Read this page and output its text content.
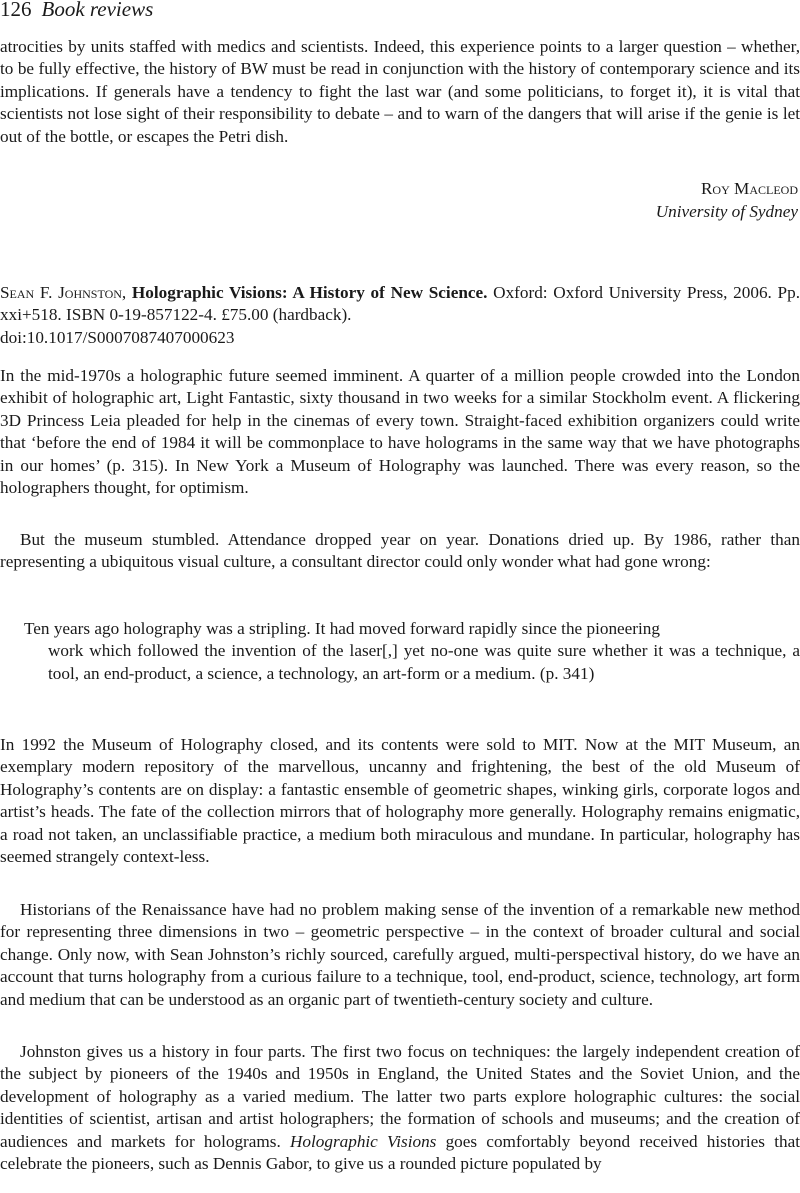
126 Book reviews

atrocities by units staffed with medics and scientists. Indeed, this experience points to a larger question – whether, to be fully effective, the history of BW must be read in conjunction with the history of contemporary science and its implications. If generals have a tendency to fight the last war (and some politicians, to forget it), it is vital that scientists not lose sight of their responsibility to debate – and to warn of the dangers that will arise if the genie is let out of the bottle, or escapes the Petri dish.

Roy Macleod
University of Sydney

Sean F. Johnston, Holographic Visions: A History of New Science. Oxford: Oxford University Press, 2006. Pp. xxi+518. ISBN 0-19-857122-4. £75.00 (hardback).

doi:10.1017/S0007087407000623

In the mid-1970s a holographic future seemed imminent. A quarter of a million people crowded into the London exhibit of holographic art, Light Fantastic, sixty thousand in two weeks for a similar Stockholm event. A flickering 3D Princess Leia pleaded for help in the cinemas of every town. Straight-faced exhibition organizers could write that ‘before the end of 1984 it will be commonplace to have holograms in the same way that we have photographs in our homes’ (p. 315). In New York a Museum of Holography was launched. There was every reason, so the holographers thought, for optimism.

But the museum stumbled. Attendance dropped year on year. Donations dried up. By 1986, rather than representing a ubiquitous visual culture, a consultant director could only wonder what had gone wrong:

Ten years ago holography was a stripling. It had moved forward rapidly since the pioneering
work which followed the invention of the laser[,] yet no-one was quite sure whether it was a technique, a tool, an end-product, a science, a technology, an art-form or a medium. (p. 341)

In 1992 the Museum of Holography closed, and its contents were sold to MIT. Now at the MIT Museum, an exemplary modern repository of the marvellous, uncanny and frightening, the best of the old Museum of Holography’s contents are on display: a fantastic ensemble of geometric shapes, winking girls, corporate logos and artist’s heads. The fate of the collection mirrors that of holography more generally. Holography remains enigmatic, a road not taken, an unclassifiable practice, a medium both miraculous and mundane. In particular, holography has seemed strangely context-less.

Historians of the Renaissance have had no problem making sense of the invention of a remarkable new method for representing three dimensions in two – geometric perspective – in the context of broader cultural and social change. Only now, with Sean Johnston’s richly sourced, carefully argued, multi-perspectival history, do we have an account that turns holography from a curious failure to a technique, tool, end-product, science, technology, art form and medium that can be understood as an organic part of twentieth-century society and culture.

Johnston gives us a history in four parts. The first two focus on techniques: the largely independent creation of the subject by pioneers of the 1940s and 1950s in England, the United States and the Soviet Union, and the development of holography as a varied medium. The latter two parts explore holographic cultures: the social identities of scientist, artisan and artist holographers; the formation of schools and museums; and the creation of audiences and markets for holograms. Holographic Visions goes comfortably beyond received histories that celebrate the pioneers, such as Dennis Gabor, to give us a rounded picture populated by
